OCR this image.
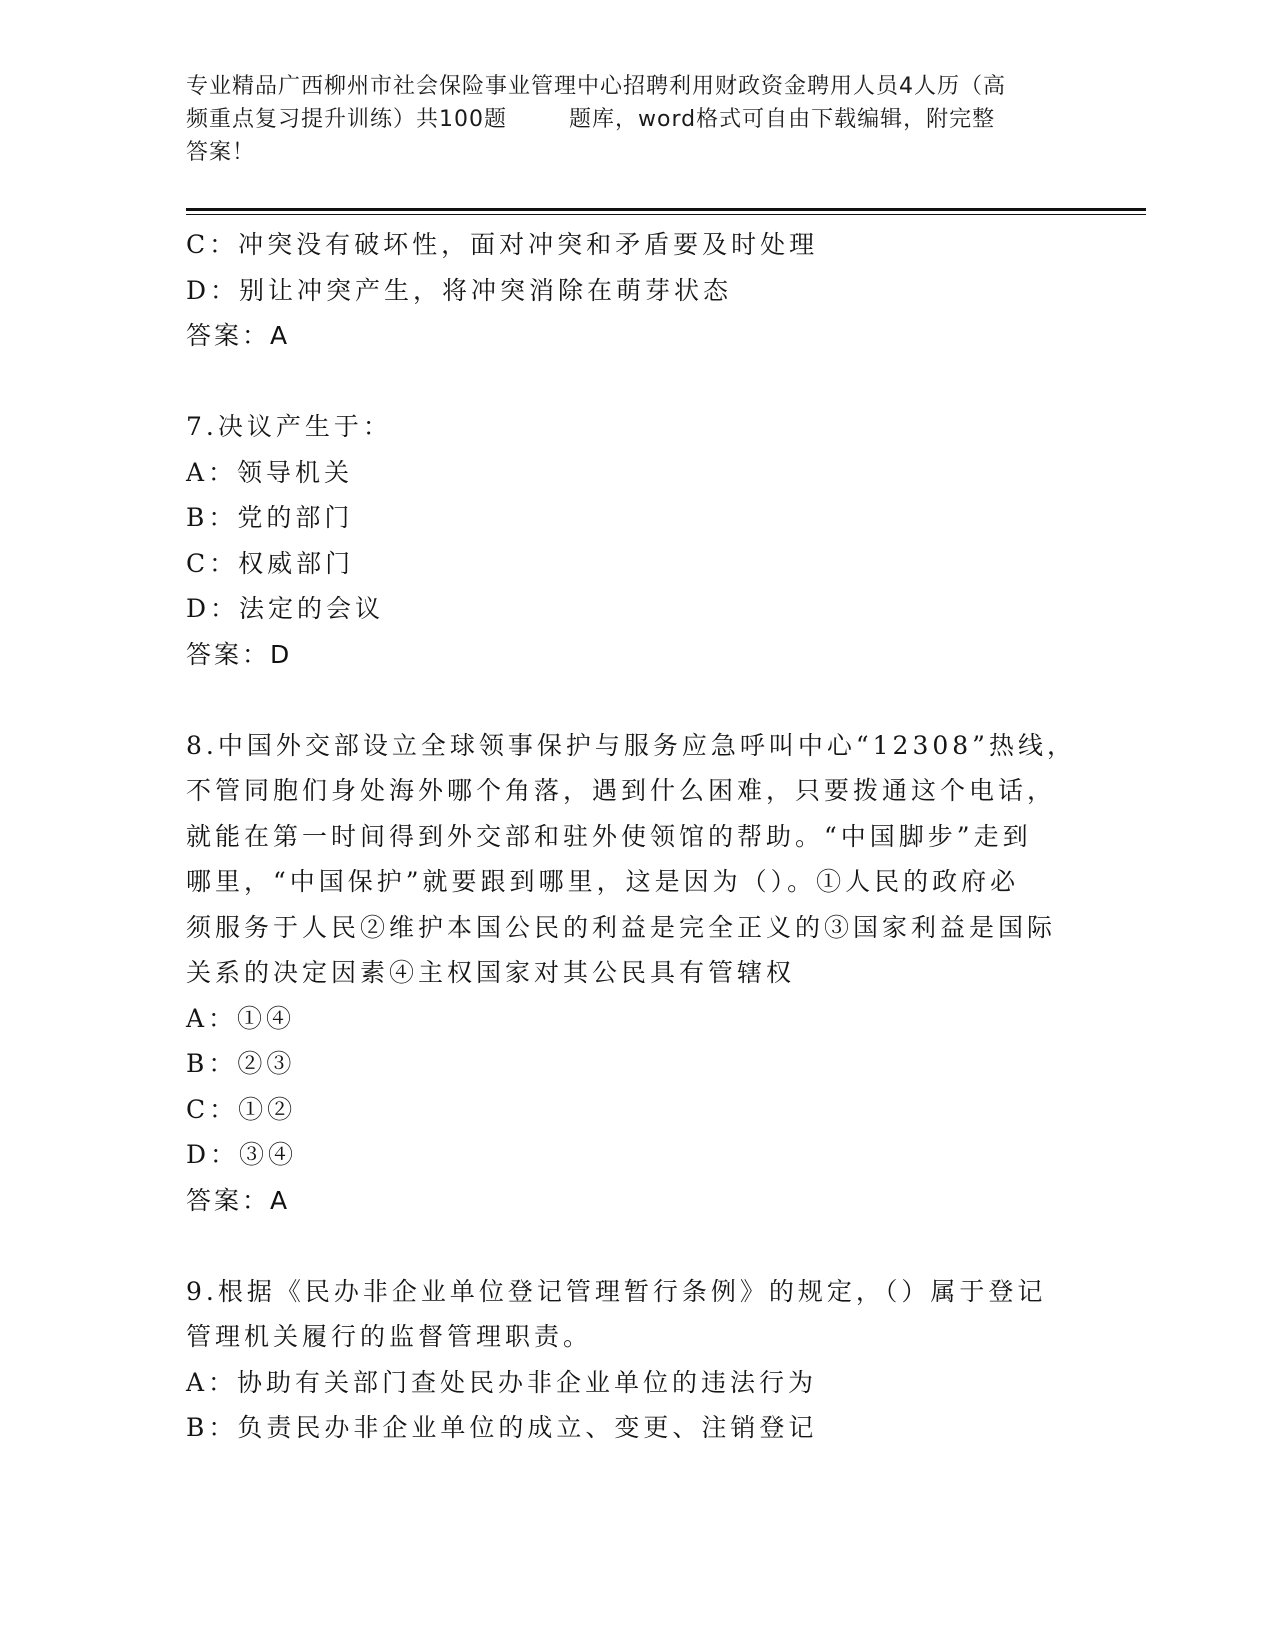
专业精品广西柳州市社会保险事业管理中心招聘利用财政资金聘用人员4人历（高
频重点复习提升训练）共100题	题库，word格式可自由下载编辑，附完整
答案！
C：冲突没有破坏性，面对冲突和矛盾要及时处理
D：别让冲突产生，将冲突消除在萌芽状态
答案：A
7.决议产生于：
A：领导机关
B：党的部门
C：权威部门
D：法定的会议
答案：D
8.中国外交部设立全球领事保护与服务应急呼叫中心“12308”热线，
不管同胞们身处海外哪个角落，遇到什么困难，只要拨通这个电话，
就能在第一时间得到外交部和驻外使领馆的帮助。“中国脚步”走到
哪里，“中国保护”就要跟到哪里，这是因为（）。①人民的政府必
须服务于人民②维护本国公民的利益是完全正义的③国家利益是国际
关系的决定因素④主权国家对其公民具有管辖权
A：①④
B：②③
C：①②
D：③④
答案：A
9.根据《民办非企业单位登记管理暂行条例》的规定，（）属于登记
管理机关履行的监督管理职责。
A：协助有关部门查处民办非企业单位的违法行为
B：负责民办非企业单位的成立、变更、注销登记
